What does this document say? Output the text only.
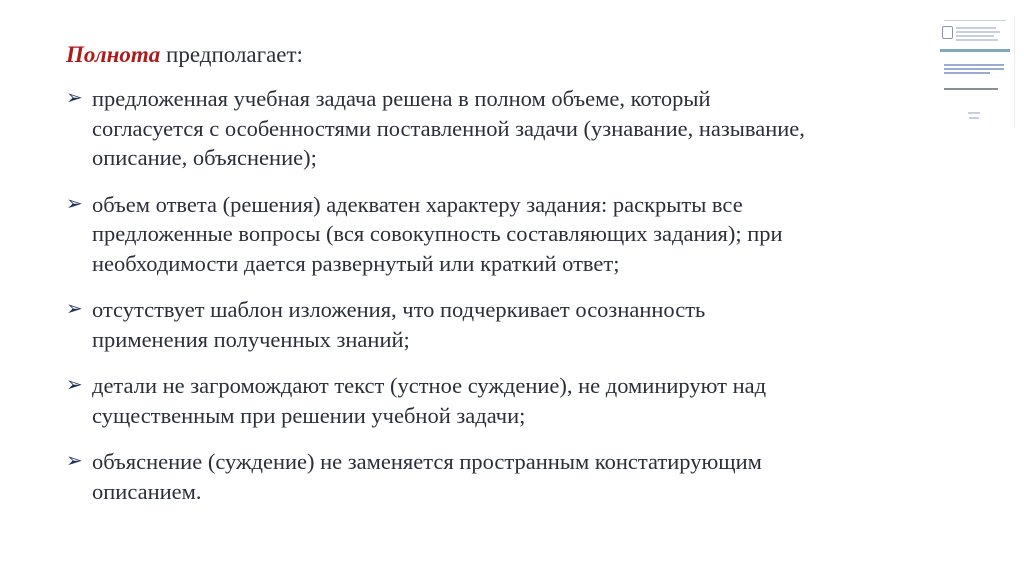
Полнота предполагает:
➢ предложенная учебная задача решена в полном объеме, который
согласуется с особенностями поставленной задачи (узнавание, называние,
описание, объяснение);
➢ объем ответа (решения) адекватен характеру задания: раскрыты все
предложенные вопросы (вся совокупность составляющих задания); при
необходимости дается развернутый или краткий ответ;
➢ отсутствует шаблон изложения, что подчеркивает осознанность
применения полученных знаний;
➢ детали не загромождают текст (устное суждение), не доминируют над
существенным при решении учебной задачи;
➢ объяснение (суждение) не заменяется пространным констатирующим
описанием.
